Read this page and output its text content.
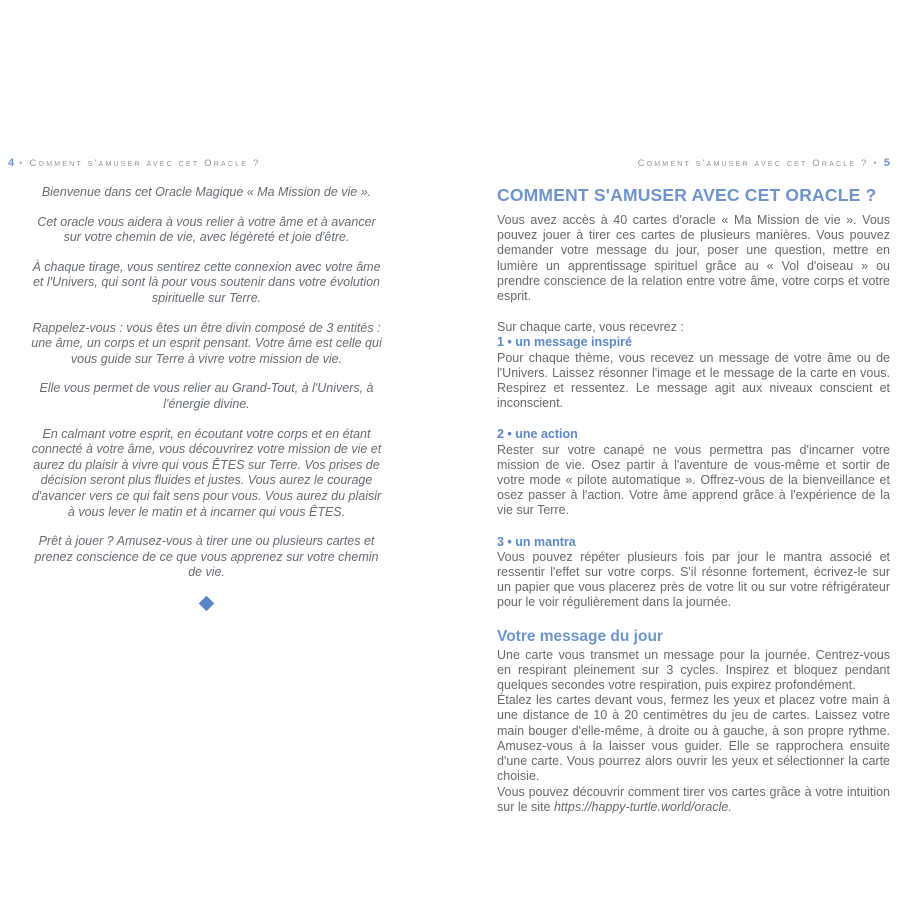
4 • Comment s'amuser avec cet Oracle ?	Comment s'amuser avec cet Oracle ? • 5

Bienvenue dans cet Oracle Magique « Ma Mission de vie ».

Cet oracle vous aidera à vous relier à votre âme et à avancer sur votre chemin de vie, avec légèreté et joie d'être.

À chaque tirage, vous sentirez cette connexion avec votre âme et l'Univers, qui sont là pour vous soutenir dans votre évolution spirituelle sur Terre.

Rappelez-vous : vous êtes un être divin composé de 3 entités : une âme, un corps et un esprit pensant. Votre âme est celle qui vous guide sur Terre à vivre votre mission de vie.

Elle vous permet de vous relier au Grand-Tout, à l'Univers, à l'énergie divine.

En calmant votre esprit, en écoutant votre corps et en étant connecté à votre âme, vous découvrirez votre mission de vie et aurez du plaisir à vivre qui vous ÊTES sur Terre. Vos prises de décision seront plus fluides et justes. Vous aurez le courage d'avancer vers ce qui fait sens pour vous. Vous aurez du plaisir à vous lever le matin et à incarner qui vous ÊTES.

Prêt à jouer ? Amusez-vous à tirer une ou plusieurs cartes et prenez conscience de ce que vous apprenez sur votre chemin de vie.

COMMENT S'AMUSER AVEC CET ORACLE ?

Vous avez accès à 40 cartes d'oracle « Ma Mission de vie ». Vous pouvez jouer à tirer ces cartes de plusieurs manières. Vous pouvez demander votre message du jour, poser une question, mettre en lumière un apprentissage spirituel grâce au « Vol d'oiseau » ou prendre conscience de la relation entre votre âme, votre corps et votre esprit.

Sur chaque carte, vous recevrez :

1 • un message inspiré

Pour chaque thème, vous recevez un message de votre âme ou de l'Univers. Laissez résonner l'image et le message de la carte en vous. Respirez et ressentez. Le message agit aux niveaux conscient et inconscient.

2 • une action

Rester sur votre canapé ne vous permettra pas d'incarner votre mission de vie. Osez partir à l'aventure de vous-même et sortir de votre mode « pilote automatique ». Offrez-vous de la bienveillance et osez passer à l'action. Votre âme apprend grâce à l'expérience de la vie sur Terre.

3 • un mantra

Vous pouvez répéter plusieurs fois par jour le mantra associé et ressentir l'effet sur votre corps. S'il résonne fortement, écrivez-le sur un papier que vous placerez près de votre lit ou sur votre réfrigérateur pour le voir régulièrement dans la journée.

Votre message du jour

Une carte vous transmet un message pour la journée. Centrez-vous en respirant pleinement sur 3 cycles. Inspirez et bloquez pendant quelques secondes votre respiration, puis expirez profondément.

Étalez les cartes devant vous, fermez les yeux et placez votre main à une distance de 10 à 20 centimètres du jeu de cartes. Laissez votre main bouger d'elle-même, à droite ou à gauche, à son propre rythme. Amusez-vous à la laisser vous guider. Elle se rapprochera ensuite d'une carte. Vous pourrez alors ouvrir les yeux et sélectionner la carte choisie.

Vous pouvez découvrir comment tirer vos cartes grâce à votre intuition sur le site https://happy-turtle.world/oracle.
